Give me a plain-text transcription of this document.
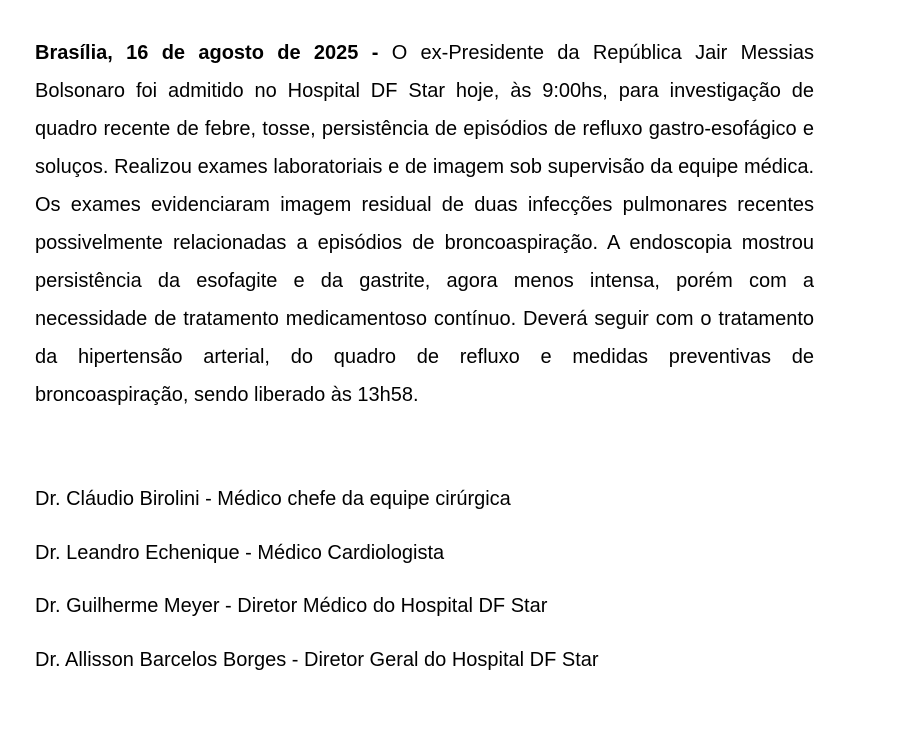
Brasília, 16 de agosto de 2025 - O ex-Presidente da República Jair Messias Bolsonaro foi admitido no Hospital DF Star hoje, às 9:00hs, para investigação de quadro recente de febre, tosse, persistência de episódios de refluxo gastro-esofágico e soluços. Realizou exames laboratoriais e de imagem sob supervisão da equipe médica. Os exames evidenciaram imagem residual de duas infecções pulmonares recentes possivelmente relacionadas a episódios de broncoaspiração. A endoscopia mostrou persistência da esofagite e da gastrite, agora menos intensa, porém com a necessidade de tratamento medicamentoso contínuo. Deverá seguir com o tratamento da hipertensão arterial, do quadro de refluxo e medidas preventivas de broncoaspiração, sendo liberado às 13h58.

Dr. Cláudio Birolini - Médico chefe da equipe cirúrgica
Dr. Leandro Echenique - Médico Cardiologista
Dr. Guilherme Meyer - Diretor Médico do Hospital DF Star
Dr. Allisson Barcelos Borges - Diretor Geral do Hospital DF Star
